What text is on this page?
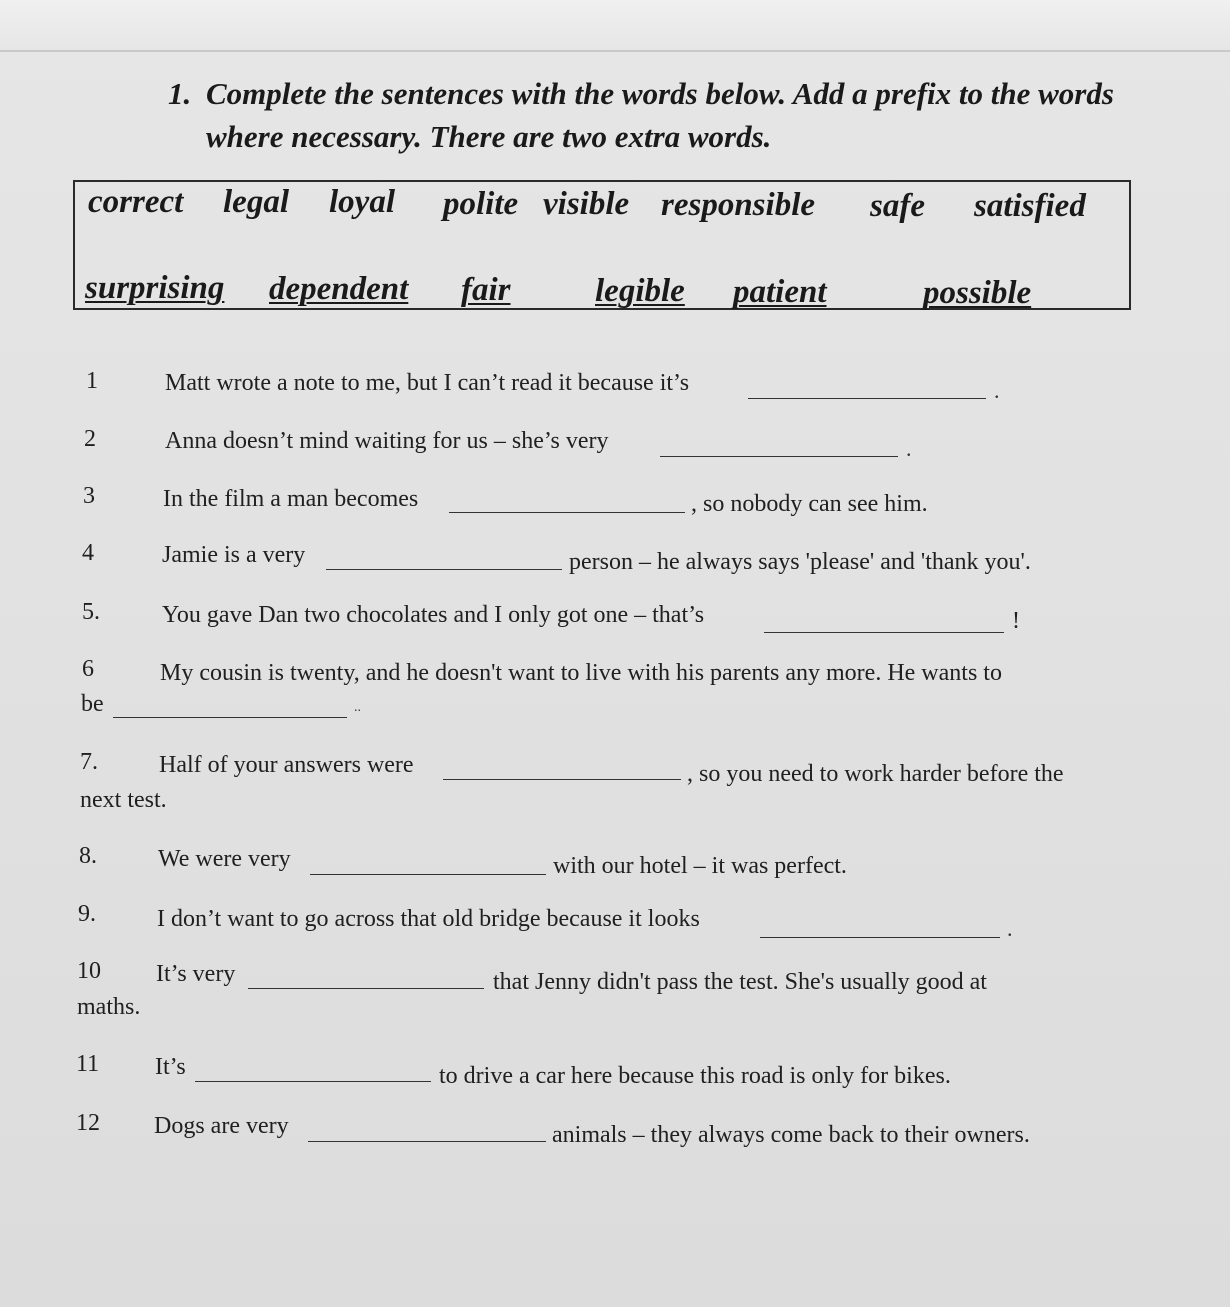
1. Complete the sentences with the words below. Add a prefix to the words
where necessary. There are two extra words.
correct legal loyal polite visible responsible safe satisfied
surprising dependent fair	legible patient	possible
1	Matt wrote a note to me, but I can’t read it because it’s	.
2	Anna doesn’t mind waiting for us – she’s very	.
3	In the film a man becomes	, so nobody can see him.
4	Jamie is a very	person – he always says 'please' and 'thank you'.
5.	You gave Dan two chocolates and I only got one – that’s	!
6	My cousin is twenty, and he doesn't want to live with his parents any more. He wants to
be	..
7.	Half of your answers were	, so you need to work harder before the
next test.
8.	We were very	with our hotel – it was perfect.
9.	I don’t want to go across that old bridge because it looks	.
10 It’s very	that Jenny didn't pass the test. She's usually good at
maths.
11 It’s	to drive a car here because this road is only for bikes.
12 Dogs are very	animals – they always come back to their owners.
